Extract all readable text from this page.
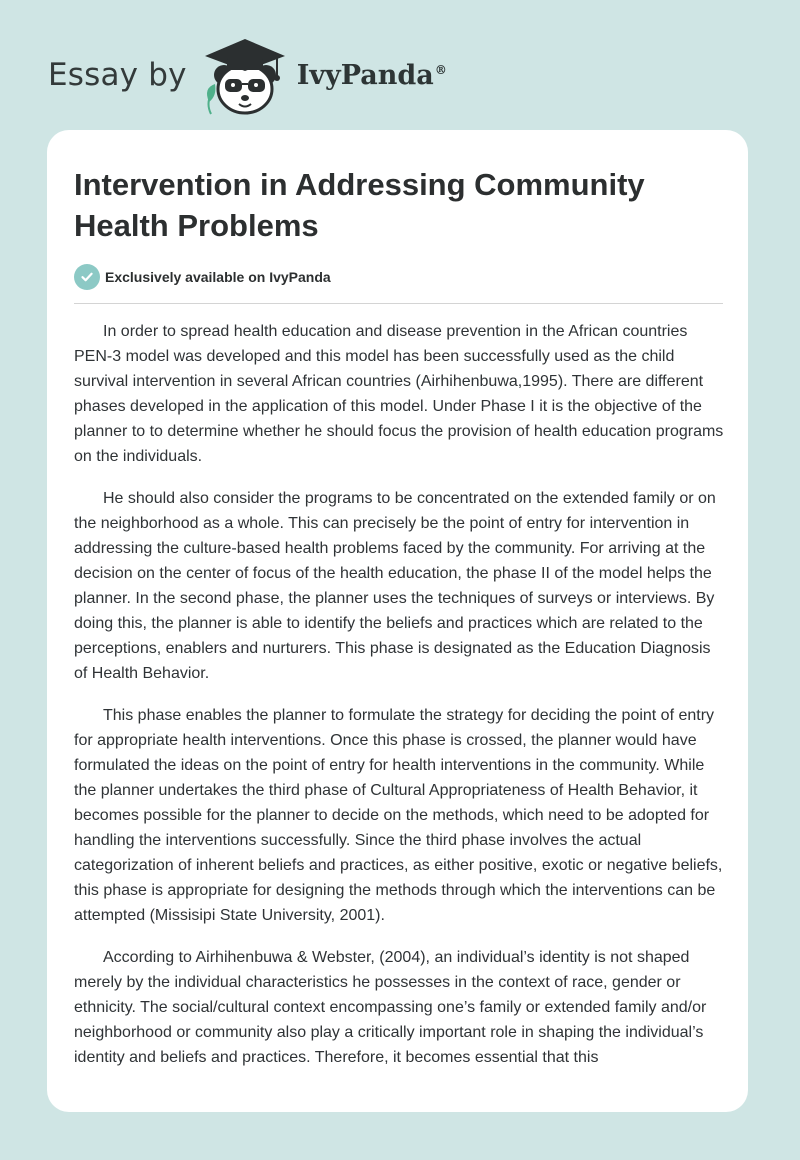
Essay by	IvyPanda®
Intervention in Addressing Community Health Problems
Exclusively available on IvyPanda

In order to spread health education and disease prevention in the African countries PEN-3 model was developed and this model has been successfully used as the child survival intervention in several African countries (Airhihenbuwa,1995). There are different phases developed in the application of this model. Under Phase I it is the objective of the planner to to determine whether he should focus the provision of health education programs on the individuals.

He should also consider the programs to be concentrated on the extended family or on the neighborhood as a whole. This can precisely be the point of entry for intervention in addressing the culture-based health problems faced by the community. For arriving at the decision on the center of focus of the health education, the phase II of the model helps the planner. In the second phase, the planner uses the techniques of surveys or interviews. By doing this, the planner is able to identify the beliefs and practices which are related to the perceptions, enablers and nurturers. This phase is designated as the Education Diagnosis of Health Behavior.

This phase enables the planner to formulate the strategy for deciding the point of entry for appropriate health interventions. Once this phase is crossed, the planner would have formulated the ideas on the point of entry for health interventions in the community. While the planner undertakes the third phase of Cultural Appropriateness of Health Behavior, it becomes possible for the planner to decide on the methods, which need to be adopted for handling the interventions successfully. Since the third phase involves the actual categorization of inherent beliefs and practices, as either positive, exotic or negative beliefs, this phase is appropriate for designing the methods through which the interventions can be attempted (Missisipi State University, 2001).

According to Airhihenbuwa & Webster, (2004), an individual’s identity is not shaped merely by the individual characteristics he possesses in the context of race, gender or ethnicity. The social/cultural context encompassing one’s family or extended family and/or neighborhood or community also play a critically important role in shaping the individual’s identity and beliefs and practices. Therefore, it becomes essential that this
